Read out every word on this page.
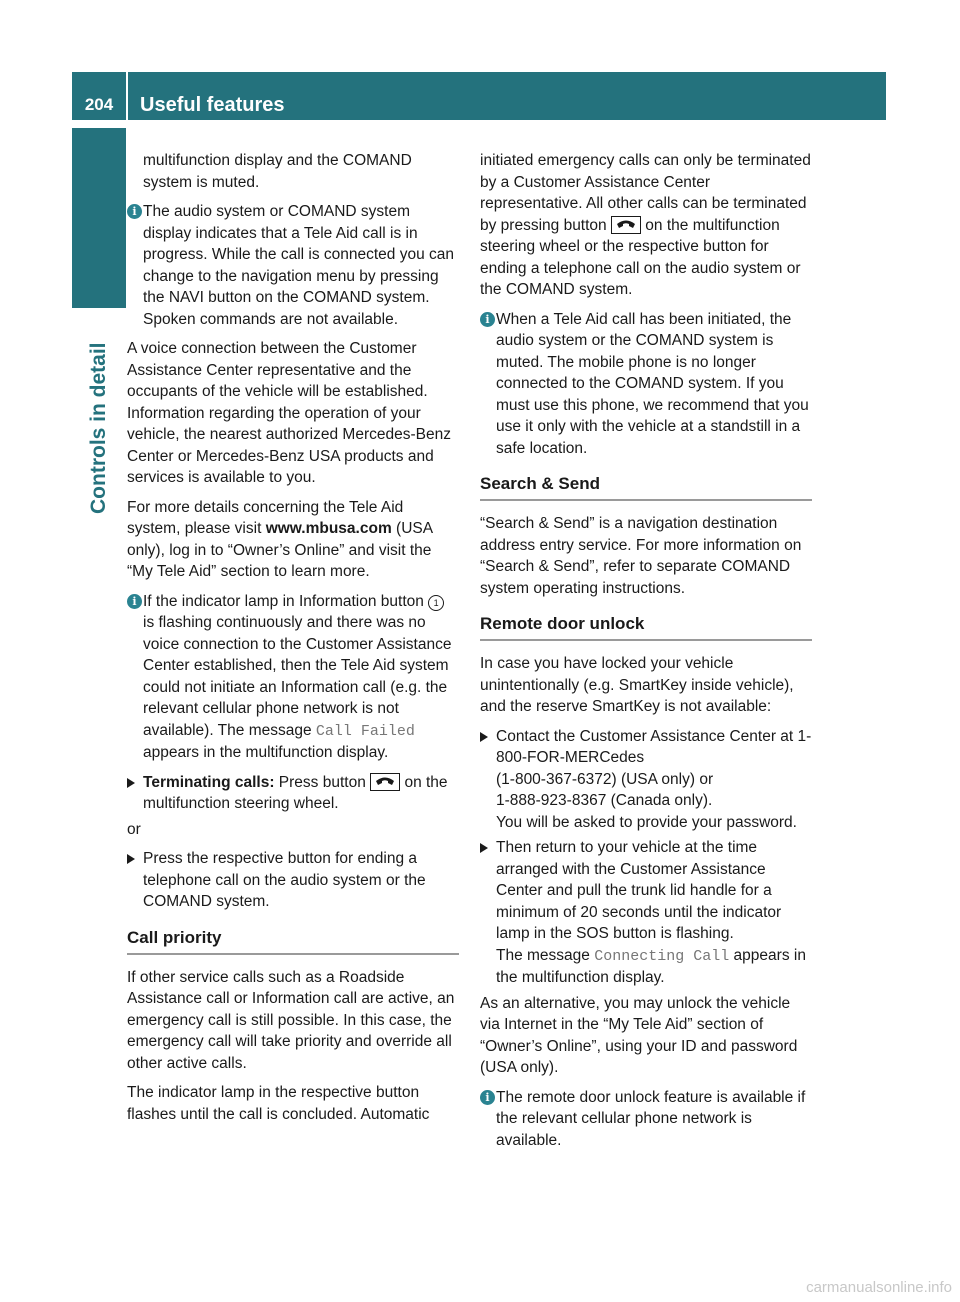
204	Useful features
Controls in detail

multifunction display and the COMAND system is muted.

i The audio system or COMAND system display indicates that a Tele Aid call is in progress. While the call is connected you can change to the navigation menu by pressing the NAVI button on the COMAND system. Spoken commands are not available.

A voice connection between the Customer Assistance Center representative and the occupants of the vehicle will be established. Information regarding the operation of your vehicle, the nearest authorized Mercedes-Benz Center or Mercedes-Benz USA products and services is available to you.

For more details concerning the Tele Aid system, please visit www.mbusa.com (USA only), log in to “Owner’s Online” and visit the “My Tele Aid” section to learn more.

i If the indicator lamp in Information button 1 is flashing continuously and there was no voice connection to the Customer Assistance Center established, then the Tele Aid system could not initiate an Information call (e.g. the relevant cellular phone network is not available). The message Call Failed appears in the multifunction display.
Terminating calls: Press button
on the multifunction steering wheel.

or

Press the respective button for ending a telephone call on the audio system or the COMAND system.
Call priority

If other service calls such as a Roadside Assistance call or Information call are active, an emergency call is still possible. In this case, the emergency call will take priority and override all other active calls.

The indicator lamp in the respective button flashes until the call is concluded. Automatic

initiated emergency calls can only be terminated by a Customer Assistance Center representative. All other calls can be terminated by pressing button
on the multifunction steering wheel or the respective button for ending a telephone call on the audio system or the COMAND system.

i When a Tele Aid call has been initiated, the audio system or the COMAND system is muted. The mobile phone is no longer connected to the COMAND system. If you must use this phone, we recommend that you use it only with the vehicle at a standstill in a safe location.
Search & Send

“Search & Send” is a navigation destination address entry service. For more information on “Search & Send”, refer to separate COMAND system operating instructions.

Remote door unlock

In case you have locked your vehicle unintentionally (e.g. SmartKey inside vehicle), and the reserve SmartKey is not available:

Contact the Customer Assistance Center at 1-800-FOR-MERCedes
(1-800-367-6372) (USA only) or
1-888-923-8367 (Canada only).
You will be asked to provide your password.
Then return to your vehicle at the time arranged with the Customer Assistance Center and pull the trunk lid handle for a minimum of 20 seconds until the indicator lamp in the SOS button is flashing.
The message Connecting Call appears in the multifunction display.

As an alternative, you may unlock the vehicle via Internet in the “My Tele Aid” section of “Owner’s Online”, using your ID and password (USA only).

i The remote door unlock feature is available if the relevant cellular phone network is available.
carmanualsonline.info
